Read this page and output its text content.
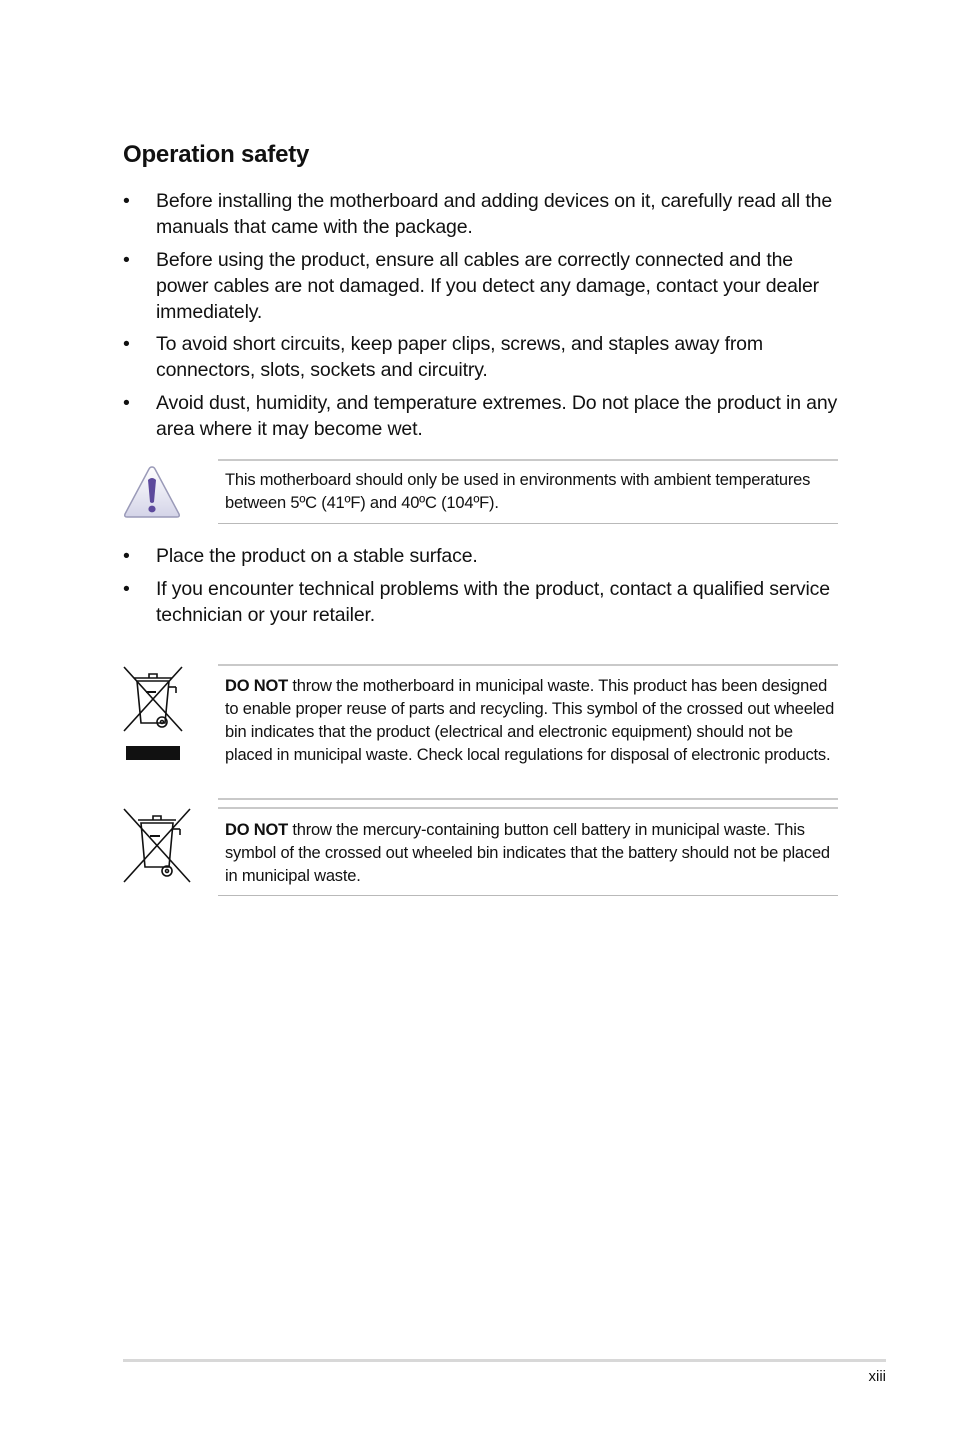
Operation safety
• Before installing the motherboard and adding devices on it, carefully read all the manuals that came with the package.
• Before using the product, ensure all cables are correctly connected and the power cables are not damaged. If you detect any damage, contact your dealer immediately.
• To avoid short circuits, keep paper clips, screws, and staples away from connectors, slots, sockets and circuitry.
• Avoid dust, humidity, and temperature extremes. Do not place the product in any area where it may become wet.

This motherboard should only be used in environments with ambient temperatures between 5ºC (41ºF) and 40ºC (104ºF).

• Place the product on a stable surface.
• If you encounter technical problems with the product, contact a qualified service technician or your retailer.

DO NOT throw the motherboard in municipal waste. This product has been designed to enable proper reuse of parts and recycling. This symbol of the crossed out wheeled bin indicates that the product (electrical and electronic equipment) should not be placed in municipal waste. Check local regulations for disposal of electronic products.

DO NOT throw the mercury-containing button cell battery in municipal waste. This symbol of the crossed out wheeled bin indicates that the battery should not be placed in municipal waste.

xiii
